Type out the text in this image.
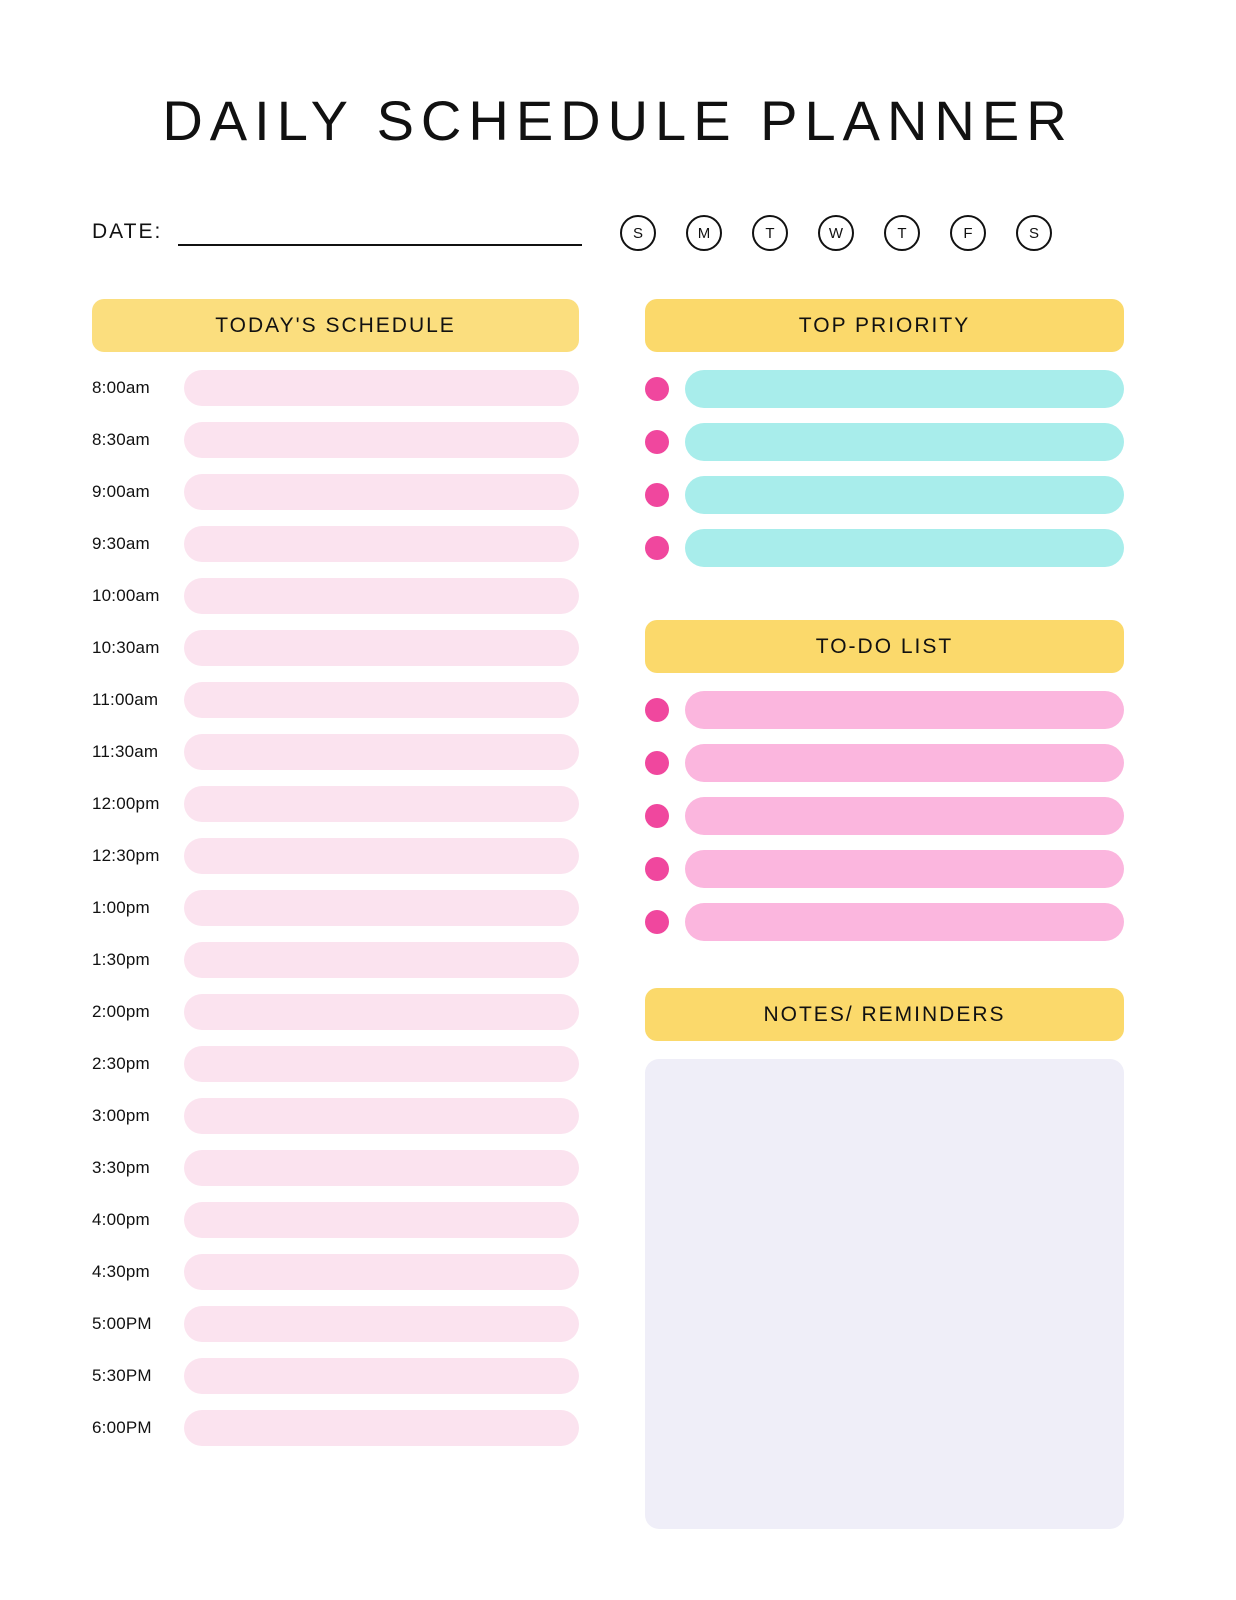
DAILY SCHEDULE PLANNER
DATE:	S	M	T	W	T	F	S
TODAY'S SCHEDULE
8:00am
8:30am
9:00am
9:30am
10:00am
10:30am
11:00am
11:30am
12:00pm
12:30pm
1:00pm
1:30pm
2:00pm
2:30pm
3:00pm
3:30pm
4:00pm
4:30pm
5:00PM
5:30PM
6:00PM
TOP PRIORITY
TO-DO LIST
NOTES/ REMINDERS
